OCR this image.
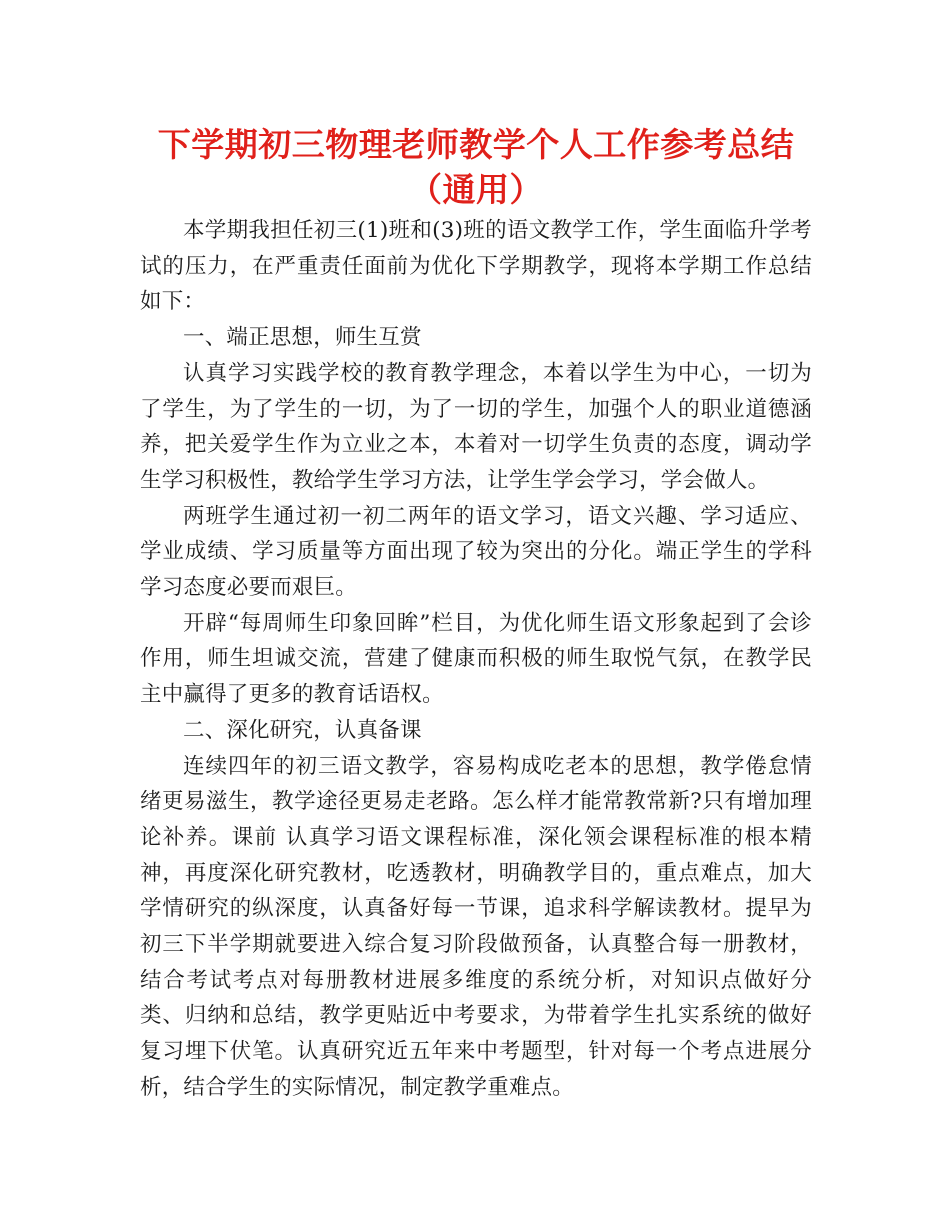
下学期初三物理老师教学个人工作参考总结（通用）

本学期我担任初三(1)班和(3)班的语文教学工作，学生面临升学考试的压力，在严重责任面前为优化下学期教学，现将本学期工作总结如下：

一、端正思想，师生互赏

认真学习实践学校的教育教学理念，本着以学生为中心，一切为了学生，为了学生的一切，为了一切的学生，加强个人的职业道德涵养，把关爱学生作为立业之本，本着对一切学生负责的态度，调动学生学习积极性，教给学生学习方法，让学生学会学习，学会做人。

两班学生通过初一初二两年的语文学习，语文兴趣、学习适应、学业成绩、学习质量等方面出现了较为突出的分化。端正学生的学科学习态度必要而艰巨。

开辟“每周师生印象回眸”栏目，为优化师生语文形象起到了会诊作用，师生坦诚交流，营建了健康而积极的师生取悦气氛，在教学民主中赢得了更多的教育话语权。

二、深化研究，认真备课

连续四年的初三语文教学，容易构成吃老本的思想，教学倦怠情绪更易滋生，教学途径更易走老路。怎么样才能常教常新?只有增加理论补养。课前 认真学习语文课程标准，深化领会课程标准的根本精神，再度深化研究教材，吃透教材，明确教学目的，重点难点，加大学情研究的纵深度，认真备好每一节课，追求科学解读教材。提早为初三下半学期就要进入综合复习阶段做预备，认真整合每一册教材，结合考试考点对每册教材进展多维度的系统分析，对知识点做好分类、归纳和总结，教学更贴近中考要求，为带着学生扎实系统的做好复习埋下伏笔。认真研究近五年来中考题型，针对每一个考点进展分析，结合学生的实际情况，制定教学重难点。
